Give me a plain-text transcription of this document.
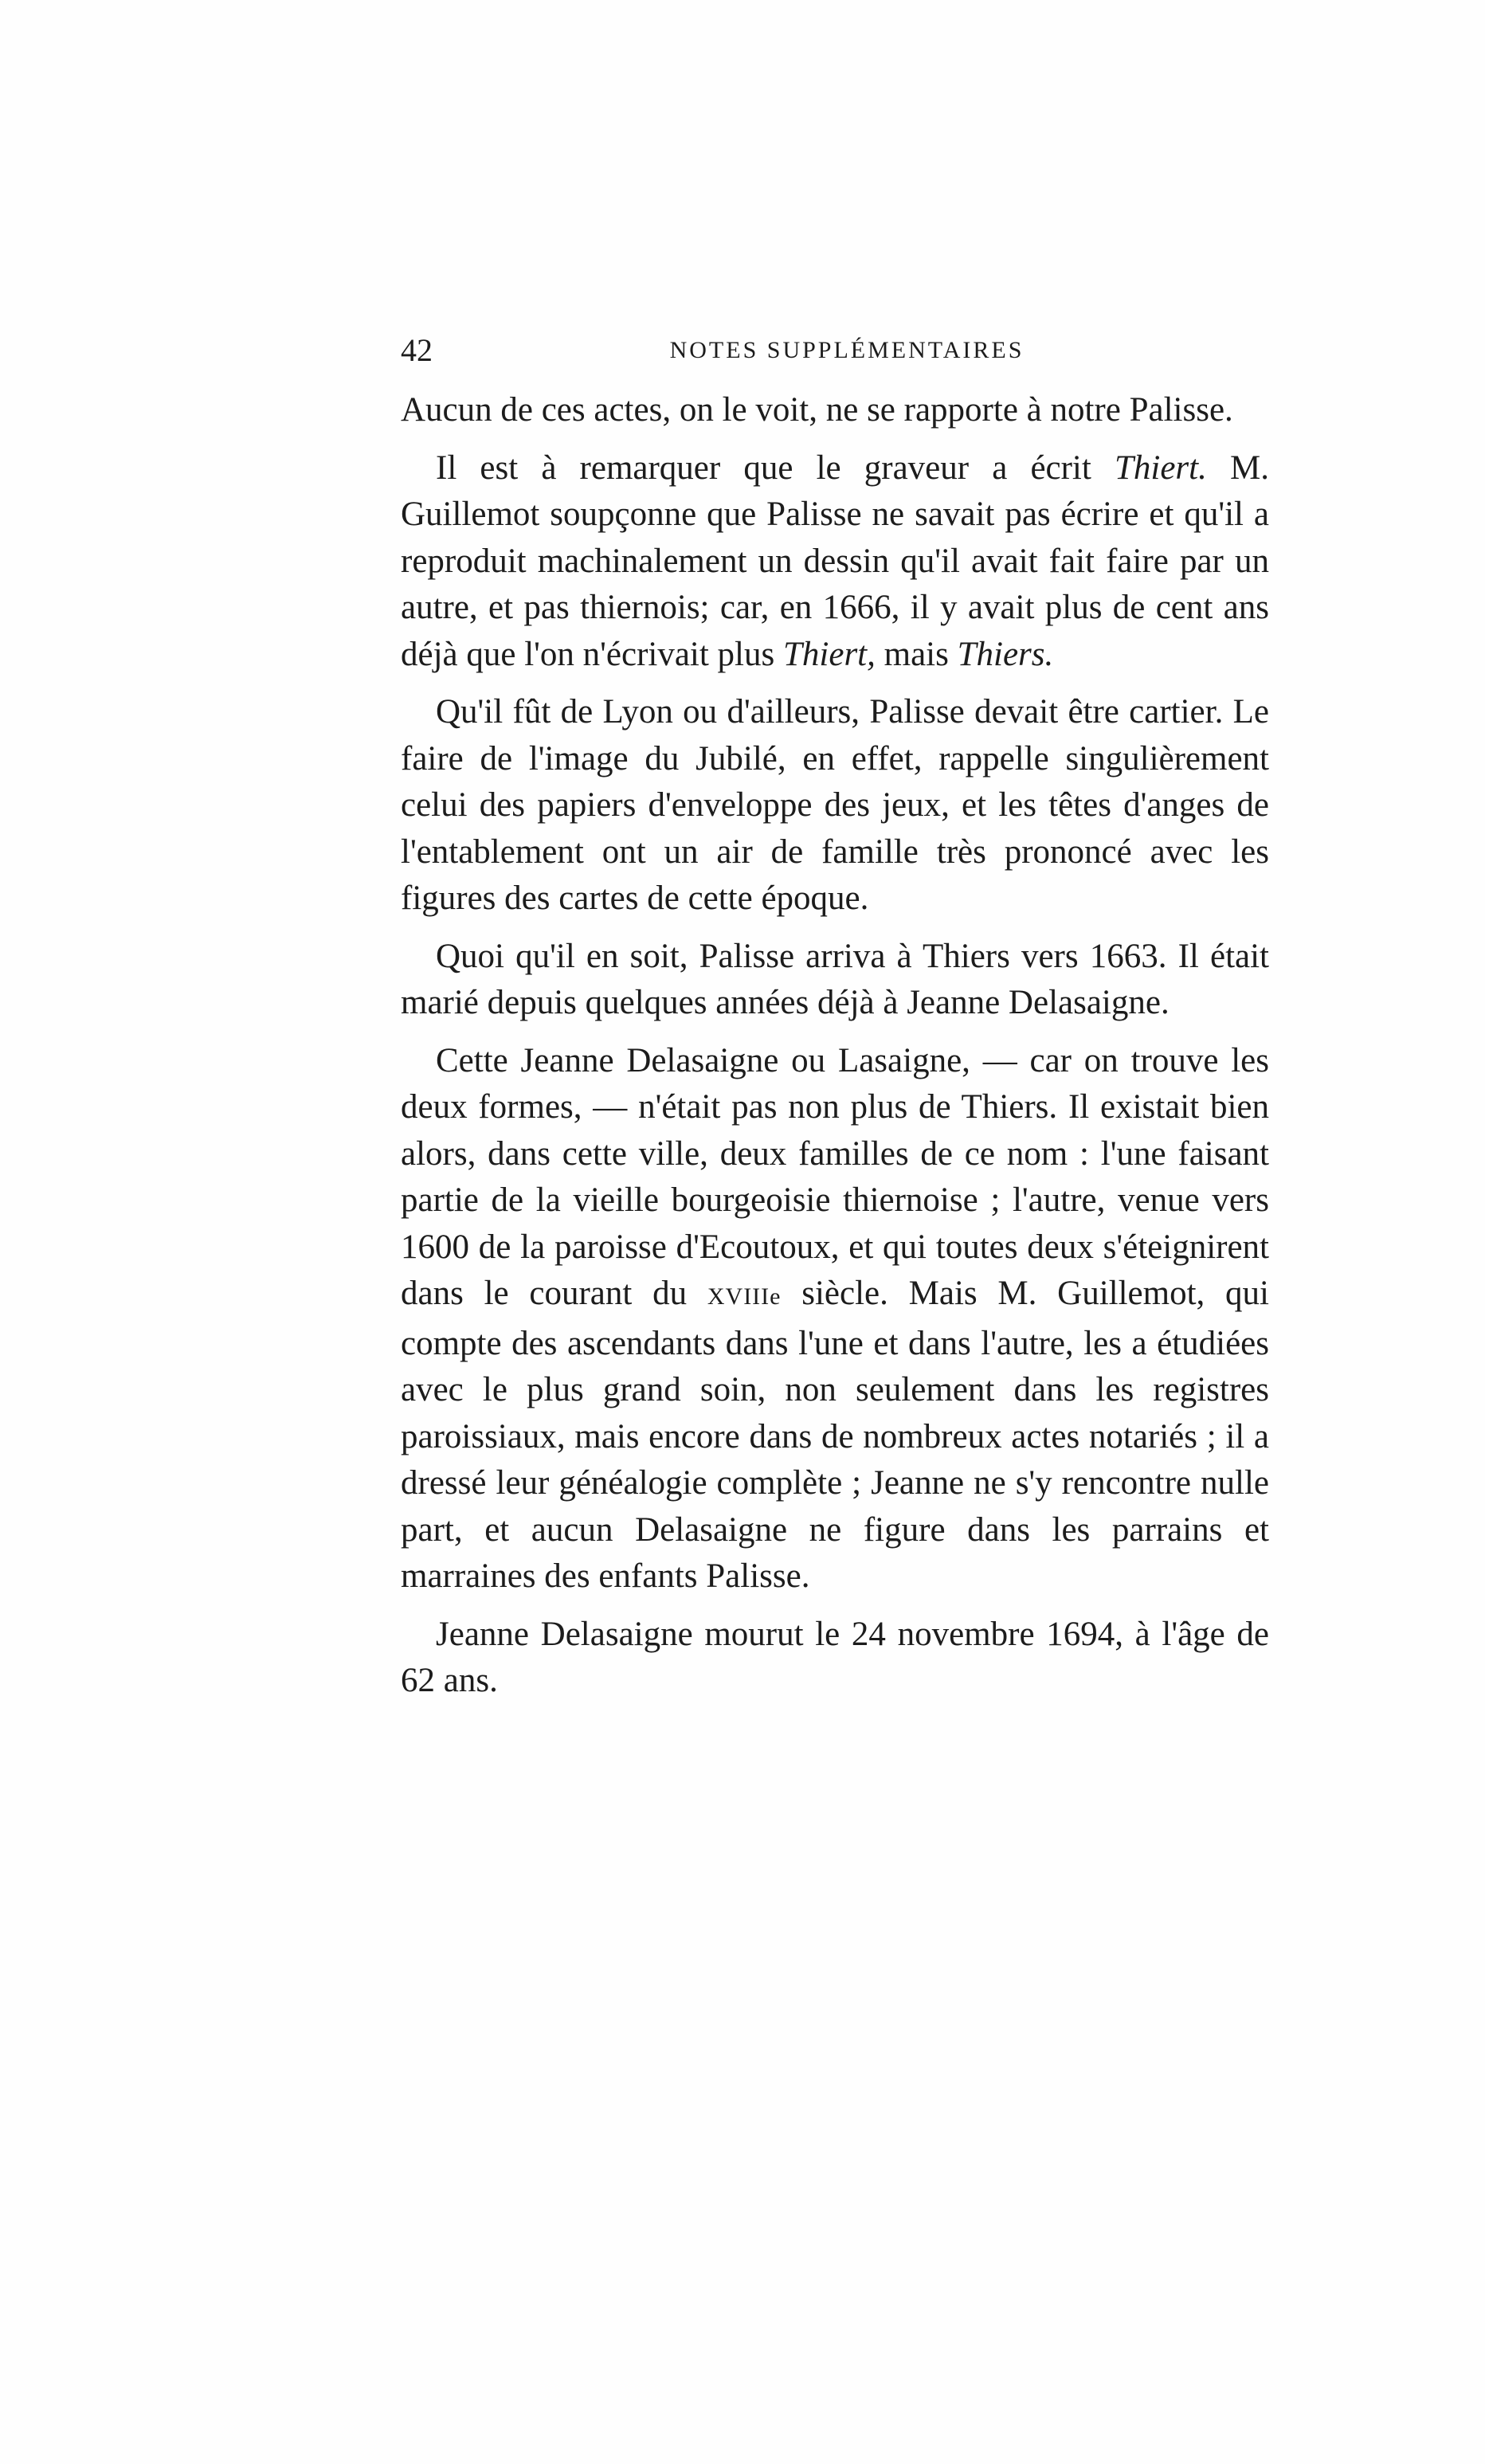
42	NOTES SUPPLÉMENTAIRES

Aucun de ces actes, on le voit, ne se rapporte à notre Palisse.

Il est à remarquer que le graveur a écrit Thiert. M. Guillemot soupçonne que Palisse ne savait pas écrire et qu'il a reproduit machinalement un dessin qu'il avait fait faire par un autre, et pas thiernois; car, en 1666, il y avait plus de cent ans déjà que l'on n'écrivait plus Thiert, mais Thiers.

Qu'il fût de Lyon ou d'ailleurs, Palisse devait être cartier. Le faire de l'image du Jubilé, en effet, rappelle singulièrement celui des papiers d'enveloppe des jeux, et les têtes d'anges de l'entablement ont un air de famille très prononcé avec les figures des cartes de cette époque.

Quoi qu'il en soit, Palisse arriva à Thiers vers 1663. Il était marié depuis quelques années déjà à Jeanne Delasaigne.

Cette Jeanne Delasaigne ou Lasaigne, — car on trouve les deux formes, — n'était pas non plus de Thiers. Il existait bien alors, dans cette ville, deux familles de ce nom : l'une faisant partie de la vieille bourgeoisie thiernoise ; l'autre, venue vers 1600 de la paroisse d'Ecoutoux, et qui toutes deux s'éteignirent dans le courant du XVIIIe siècle. Mais M. Guillemot, qui compte des ascendants dans l'une et dans l'autre, les a étudiées avec le plus grand soin, non seulement dans les registres paroissiaux, mais encore dans de nombreux actes notariés ; il a dressé leur généalogie complète ; Jeanne ne s'y rencontre nulle part, et aucun Delasaigne ne figure dans les parrains et marraines des enfants Palisse.

Jeanne Delasaigne mourut le 24 novembre 1694, à l'âge de 62 ans.
